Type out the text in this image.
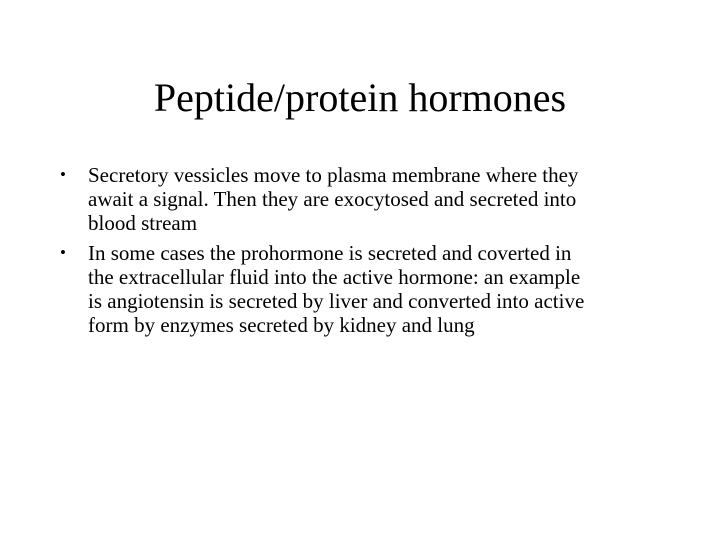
Peptide/protein hormones
•	Secretory vessicles move to plasma membrane where they
await a signal. Then they are exocytosed and secreted into
blood stream
•	In some cases the prohormone is secreted and coverted in
the extracellular fluid into the active hormone: an example
is angiotensin is secreted by liver and converted into active
form by enzymes secreted by kidney and lung
